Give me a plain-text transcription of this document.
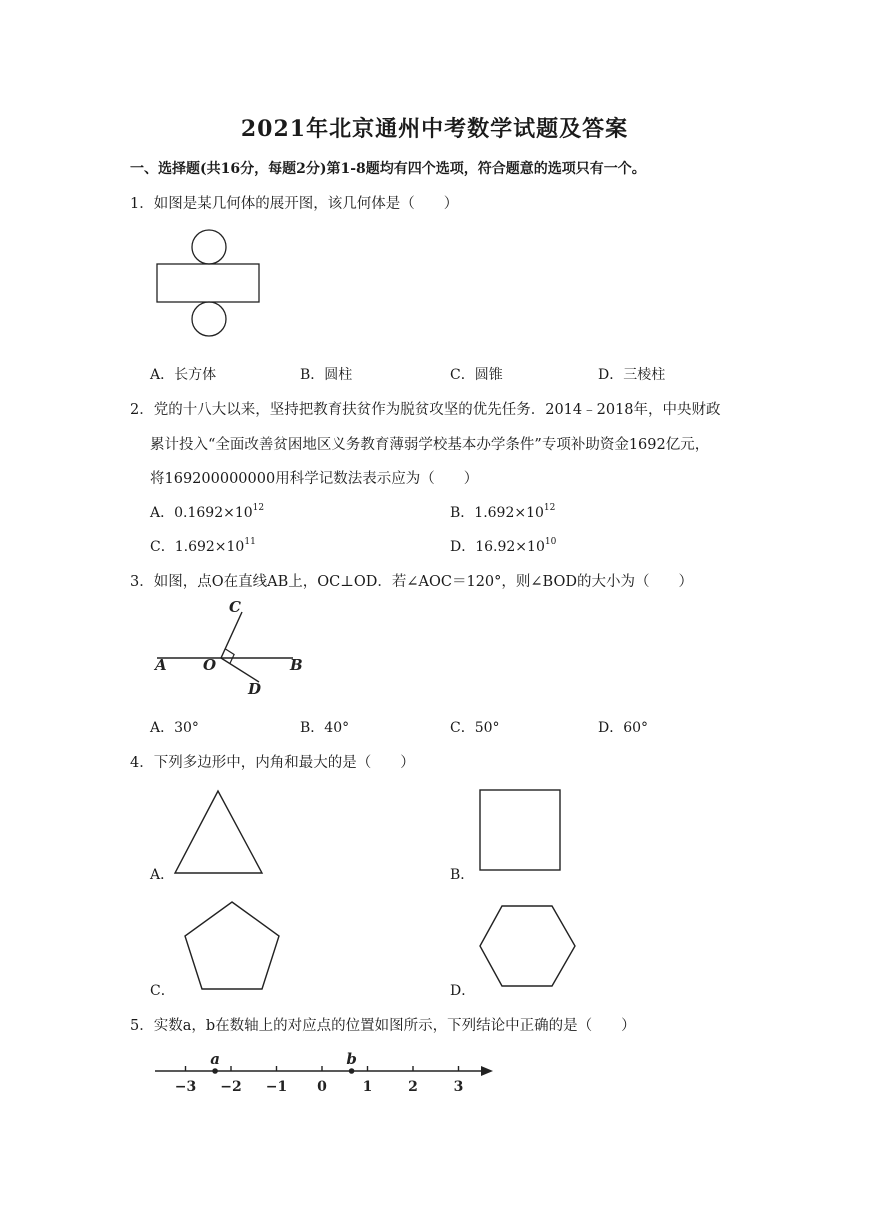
2021年北京通州中考数学试题及答案
一、选择题(共16分，每题2分)第1-8题均有四个选项，符合题意的选项只有一个。
1．如图是某几何体的展开图，该几何体是（　　）
A．长方体	B．圆柱	C．圆锥	D．三棱柱
2．党的十八大以来，坚持把教育扶贫作为脱贫攻坚的优先任务．2014﹣2018年，中央财政
累计投入“全面改善贫困地区义务教育薄弱学校基本办学条件”专项补助资金1692亿元，
将169200000000用科学记数法表示应为（　　）
A．$0.1692\times 10^{12}$	B．$1.692\times 10^{12}$
C．$1.692\times 10^{11}$	D．$16.92\times 10^{10}$
3．如图，点O在直线AB上，OC⊥OD．若∠AOC＝120°，则∠BOD的大小为（　　）
A O	B
C
D
A．30°	B．40°	C．50°	D．60°
4．下列多边形中，内角和最大的是（　　）
A．	B．
C．	D．
5．实数a，b在数轴上的对应点的位置如图所示，下列结论中正确的是（　　）
−3 −2 −1 0	1	2	3
a	b
